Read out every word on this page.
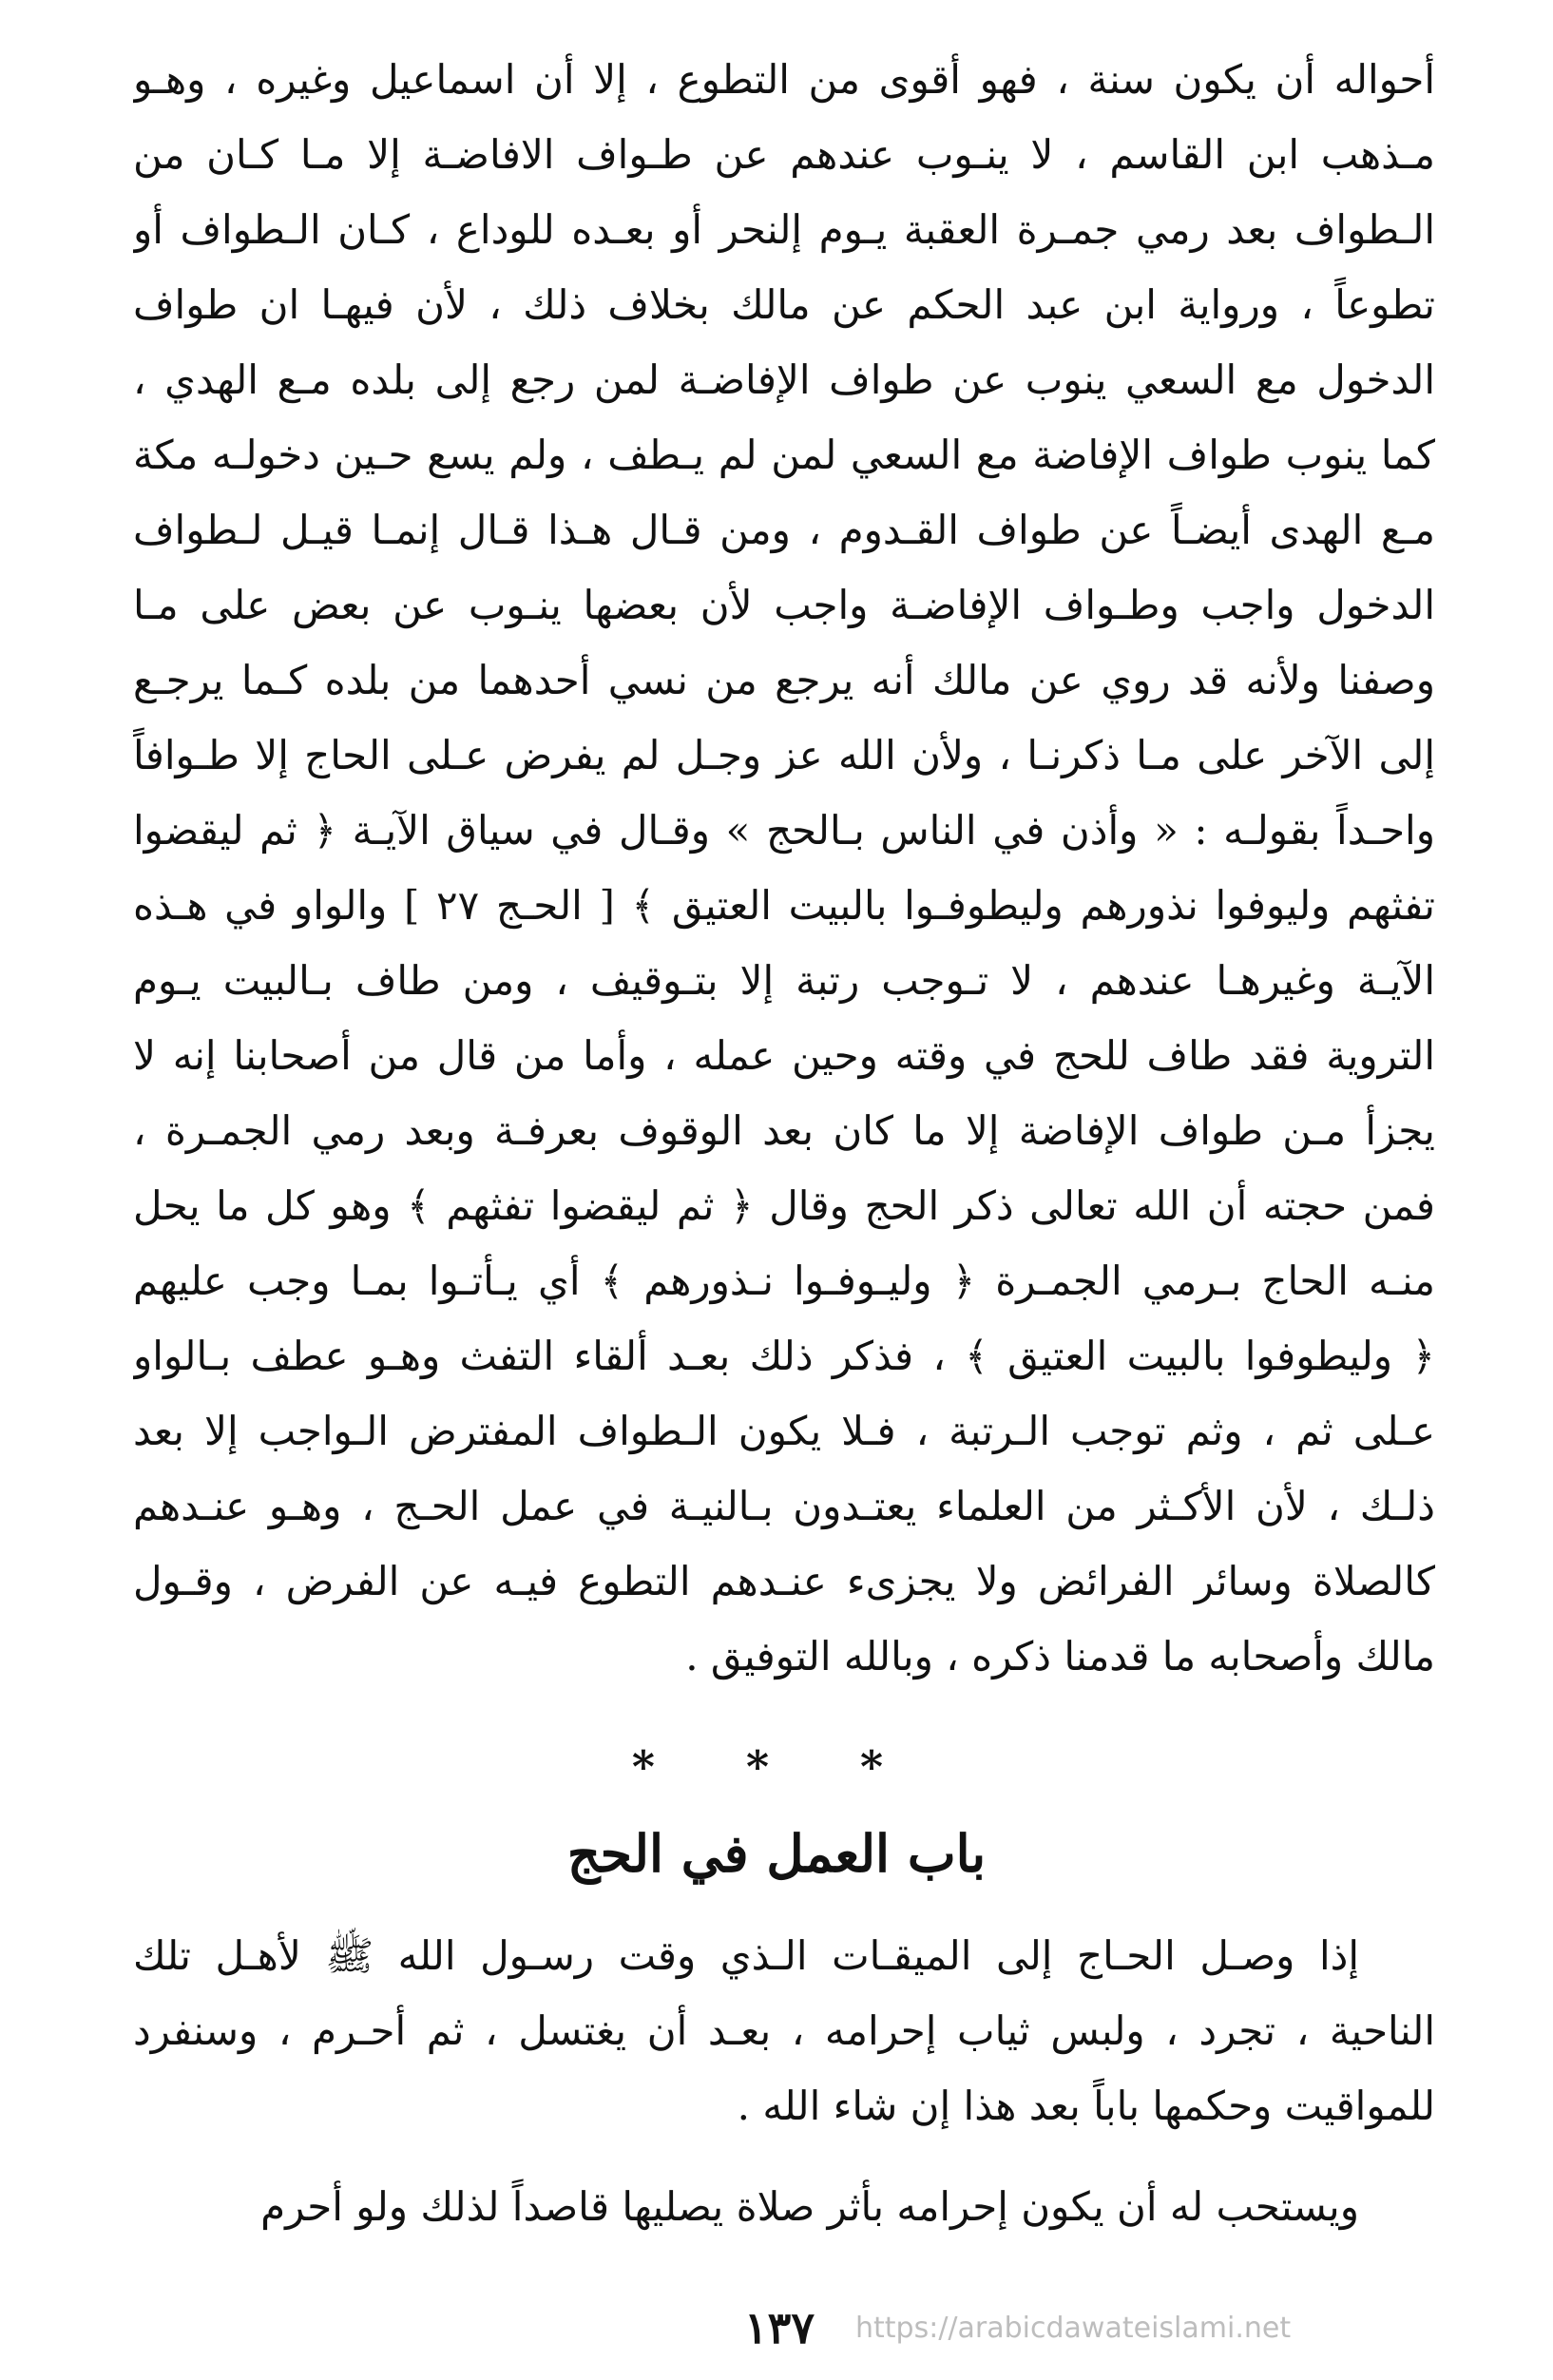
أحواله أن يكون سنة ، فهو أقوى من التطوع ، إلا أن اسماعيل وغيره ، وهـو
مـذهب ابن القاسم ، لا ينـوب عندهم عن طـواف الافاضـة إلا مـا كـان من
الـطواف بعد رمي جمـرة العقبة يـوم إلنحر أو بعـده للوداع ، كـان الـطواف أو
تطوعاً ، ورواية ابن عبد الحكم عن مالك بخلاف ذلك ، لأن فيهـا ان طواف
الدخول مع السعي ينوب عن طواف الإفاضـة لمن رجع إلى بلده مـع الهدي ،
كما ينوب طواف الإفاضة مع السعي لمن لم يـطف ، ولم يسع حـين دخولـه مكة
مـع الهدى أيضـاً عن طواف القـدوم ، ومن قـال هـذا قـال إنمـا قيـل لـطواف
الدخول واجب وطـواف الإفاضـة واجب لأن بعضها ينـوب عن بعض على مـا
وصفنا ولأنه قد روي عن مالك أنه يرجع من نسي أحدهما من بلده كـما يرجـع
إلى الآخر على مـا ذكرنـا ، ولأن الله عز وجـل لم يفرض عـلى الحاج إلا طـوافاً
واحـداً بقولـه : « وأذن في الناس بـالحج » وقـال في سياق الآيـة ﴿ ثم ليقضوا
تفثهم وليوفوا نذورهم وليطوفـوا بالبيت العتيق ﴾ [ الحـج ٢٧ ] والواو في هـذه
الآيـة وغيرهـا عندهم ، لا تـوجب رتبة إلا بتـوقيف ، ومن طاف بـالبيت يـوم
التروية فقد طاف للحج في وقته وحين عمله ، وأما من قال من أصحابنا إنه لا
يجزأ مـن طواف الإفاضة إلا ما كان بعد الوقوف بعرفـة وبعد رمي الجمـرة ،
فمن حجته أن الله تعالى ذكر الحج وقال ﴿ ثم ليقضوا تفثهم ﴾ وهو كل ما يحل
منـه الحاج بـرمي الجمـرة ﴿ وليـوفـوا نـذورهم ﴾ أي يـأتـوا بمـا وجب عليهم
﴿ وليطوفوا بالبيت العتيق ﴾ ، فذكر ذلك بعـد ألقاء التفث وهـو عطف بـالواو
عـلى ثم ، وثم توجب الـرتبة ، فـلا يكون الـطواف المفترض الـواجب إلا بعد
ذلـك ، لأن الأكـثر من العلماء يعتـدون بـالنيـة في عمل الحـج ، وهـو عنـدهم
كالصلاة وسائر الفرائض ولا يجزىء عنـدهم التطوع فيـه عن الفرض ، وقـول
مالك وأصحابه ما قدمنا ذكره ، وبالله التوفيق .
* * *
باب العمل في الحج
إذا وصـل الحـاج إلى الميقـات الـذي وقت رسـول الله ﷺ لأهـل تلك
الناحية ، تجرد ، ولبس ثياب إحرامه ، بعـد أن يغتسل ، ثم أحـرم ، وسنفرد
للمواقيت وحكمها باباً بعد هذا إن شاء الله .
ويستحب له أن يكون إحرامه بأثر صلاة يصليها قاصداً لذلك ولو أحرم
١٣٧	https://arabicdawateislami.net
